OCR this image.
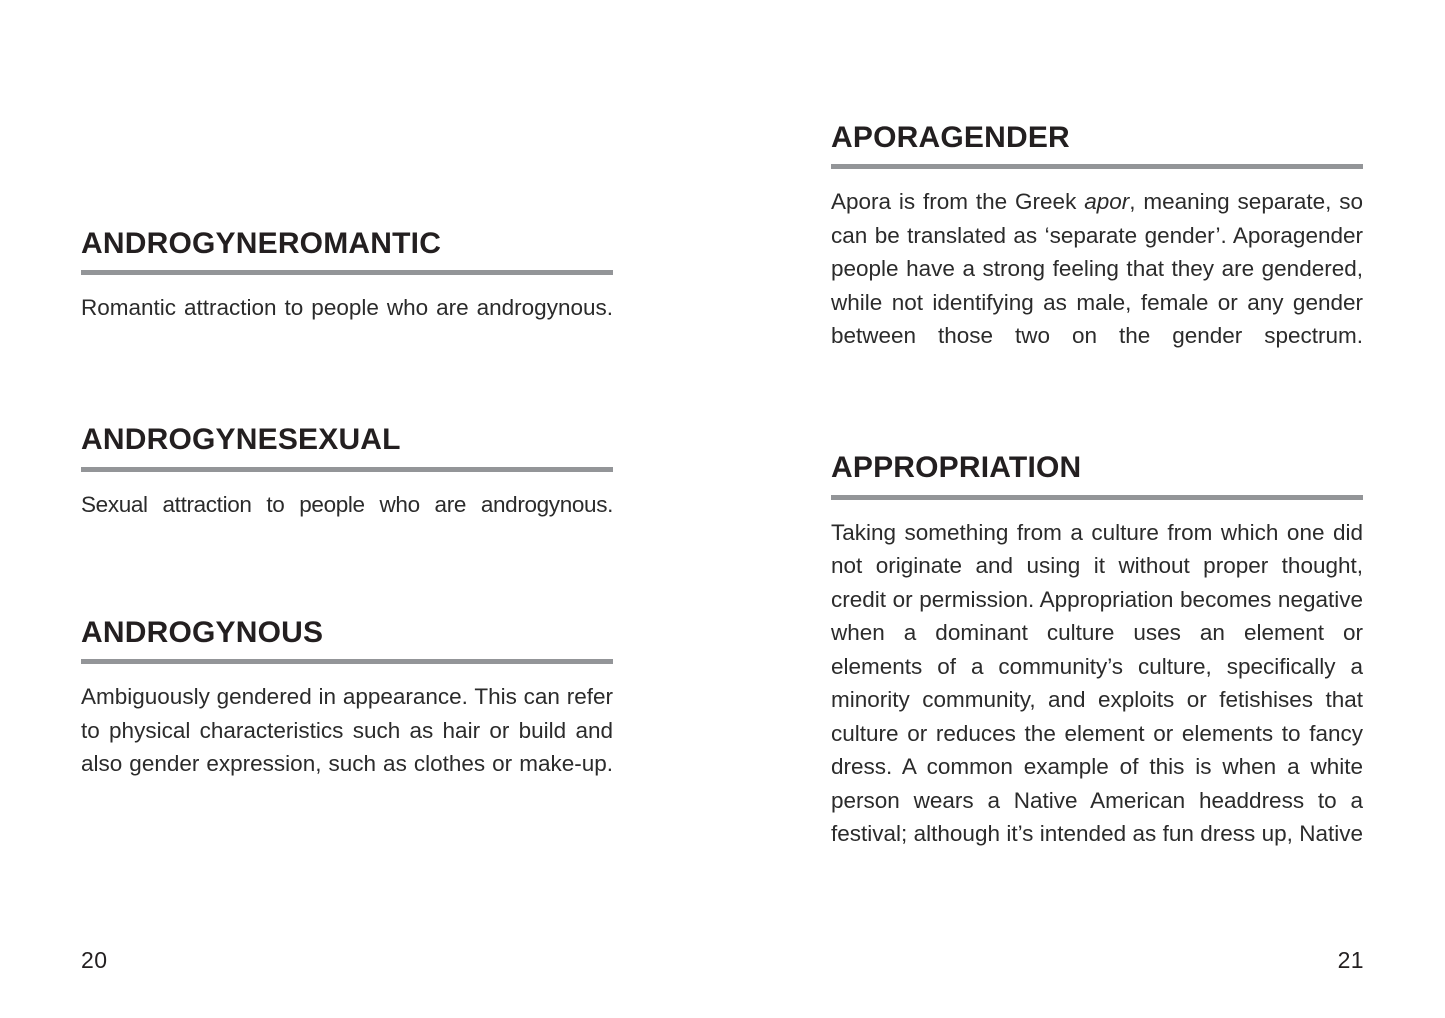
ANDROGYNEROMANTIC

Romantic attraction to people who are androgynous.

ANDROGYNESEXUAL

Sexual attraction to people who are androgynous.

ANDROGYNOUS

Ambiguously gendered in appearance. This can refer to physical characteristics such as hair or build and also gender expression, such as clothes or make-up.

20
APORAGENDER

Apora is from the Greek apor, meaning separate, so can be translated as ‘separate gender’. Aporagender people have a strong feeling that they are gendered, while not identifying as male, female or any gender between those two on the gender spectrum.

APPROPRIATION

Taking something from a culture from which one did not originate and using it without proper thought, credit or permission. Appropriation becomes negative when a dominant culture uses an element or elements of a community’s culture, specifically a minority community, and exploits or fetishises that culture or reduces the element or elements to fancy dress. A common example of this is when a white person wears a Native American headdress to a festival; although it’s intended as fun dress up, Native

21
